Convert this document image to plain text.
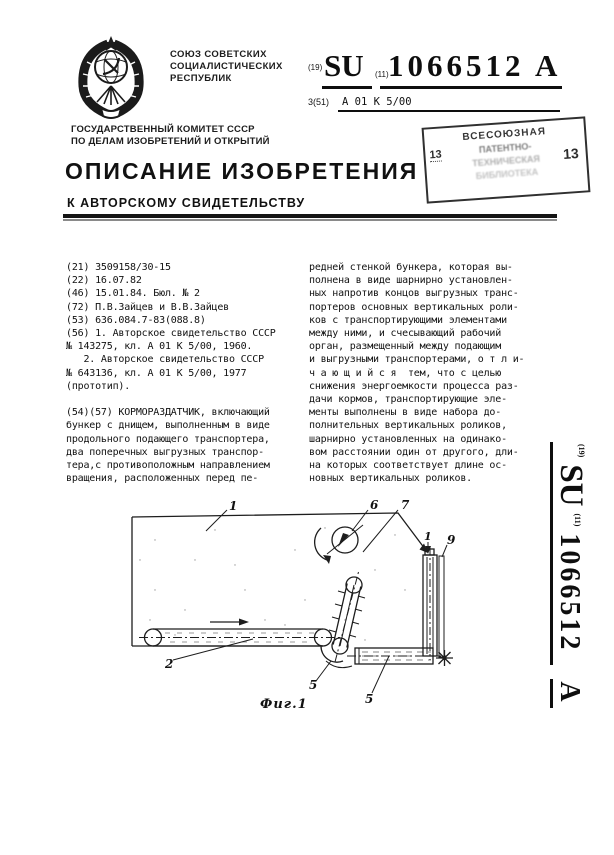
СОЮЗ СОВЕТСКИХ
СОЦИАЛИСТИЧЕСКИХ
РЕСПУБЛИК
(19) SU (11) 1066512 A
3(51) А 01 К 5/00
ГОСУДАРСТВЕННЫЙ КОМИТЕТ СССР
ПО ДЕЛАМ ИЗОБРЕТЕНИЙ И ОТКРЫТИЙ	ВСЕСОЮЗНАЯ
ПАТЕНТНО-
ТЕХНИЧЕСКАЯ
БИБЛИОТЕКА
13	13
ОПИСАНИЕ ИЗОБРЕТЕНИЯ
К АВТОРСКОМУ СВИДЕТЕЛЬСТВУ
(21) 3509158/30-15
(22) 16.07.82
(46) 15.01.84. Бюл. № 2
(72) П.В.Зайцев и В.В.Зайцев
(53) 636.084.7-83(088.8)
(56) 1. Авторское свидетельство СССР
№ 143275, кл. А 01 К 5/00, 1960.
2. Авторское свидетельство СССР
№ 643136, кл. А 01 К 5/00, 1977
(прототип).

(54)(57) КОРМОРАЗДАТЧИК, включающий
бункер с днищем, выполненным в виде
продольного подающего транспортера,
два поперечных выгрузных транспор-
тера,с противоположным направлением
вращения, расположенных перед пе-
редней стенкой бункера, которая вы-
полнена в виде шарнирно установлен-
ных напротив концов выгрузных транс-
портеров основных вертикальных роли-
ков с транспортирующими элементами
между ними, и счесывающий рабочий
орган, размещенный между подающим
и выгрузными транспортерами, о т л и-
ч а ю щ и й с я  тем, что с целью
снижения энергоемкости процесса раз-
дачи кормов, транспортирующие эле-
менты выполнены в виде набора до-
полнительных вертикальных роликов,
шарнирно установленных на одинако-
вом расстоянии один от другого, дли-
на которых соответствует длине ос-
новных вертикальных роликов.
$^{(19)}$ SU $^{(11)}$ 1066512 A
1	6 7
1 9
2
5
5
Фиг.1
